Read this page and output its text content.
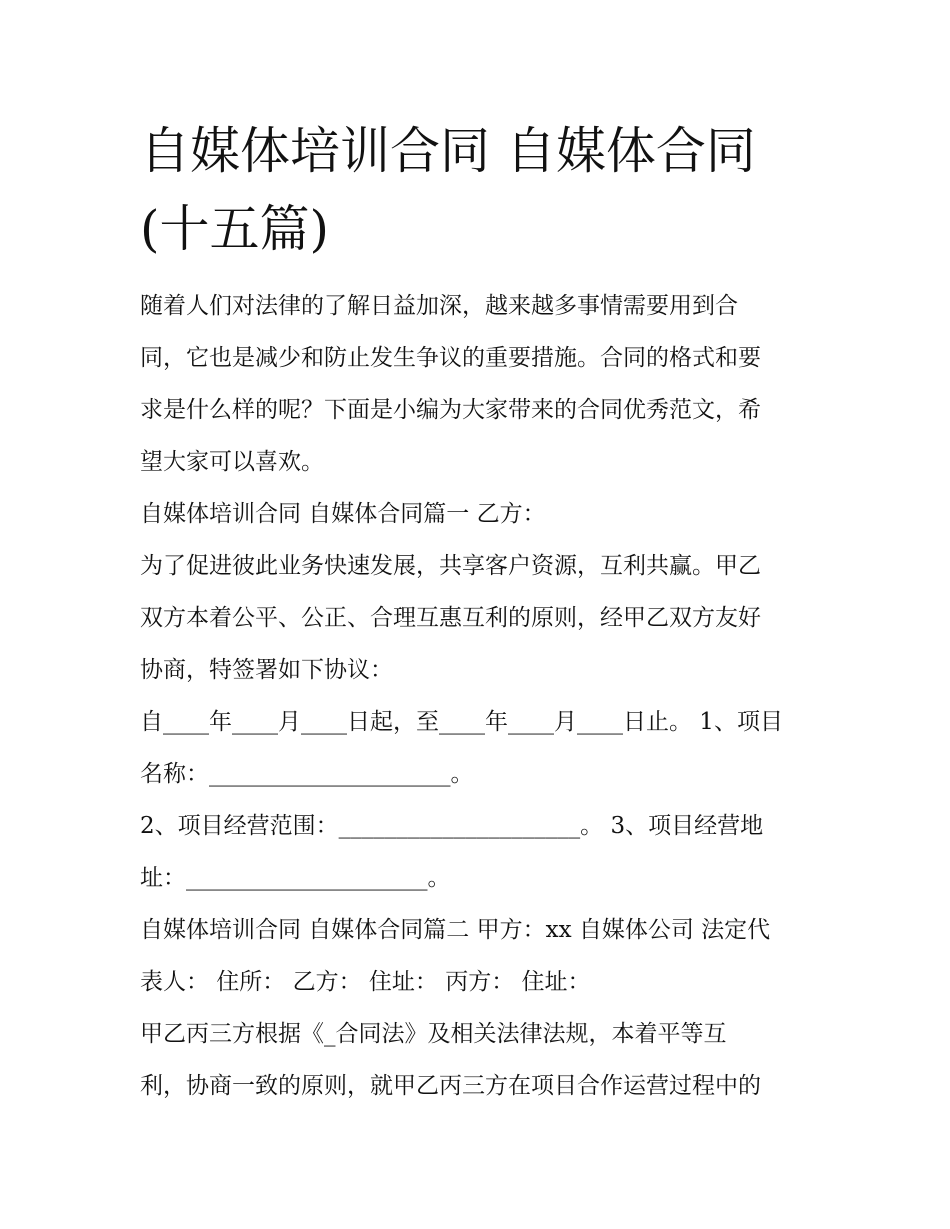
自媒体培训合同 自媒体合同
(十五篇)
随着人们对法律的了解日益加深，越来越多事情需要用到合
同，它也是减少和防止发生争议的重要措施。合同的格式和要
求是什么样的呢？下面是小编为大家带来的合同优秀范文，希
望大家可以喜欢。
自媒体培训合同 自媒体合同篇一 乙方：
为了促进彼此业务快速发展，共享客户资源，互利共赢。甲乙
双方本着公平、公正、合理互惠互利的原则，经甲乙双方友好
协商，特签署如下协议：
自____年____月____日起，至____年____月____日止。 1、项目
名称：_____________________。
2、项目经营范围：_____________________。 3、项目经营地
址：_____________________。
自媒体培训合同 自媒体合同篇二 甲方：xx 自媒体公司 法定代
表人： 住所： 乙方： 住址： 丙方： 住址：
甲乙丙三方根据《_合同法》及相关法律法规，本着平等互
利，协商一致的原则，就甲乙丙三方在项目合作运营过程中的
